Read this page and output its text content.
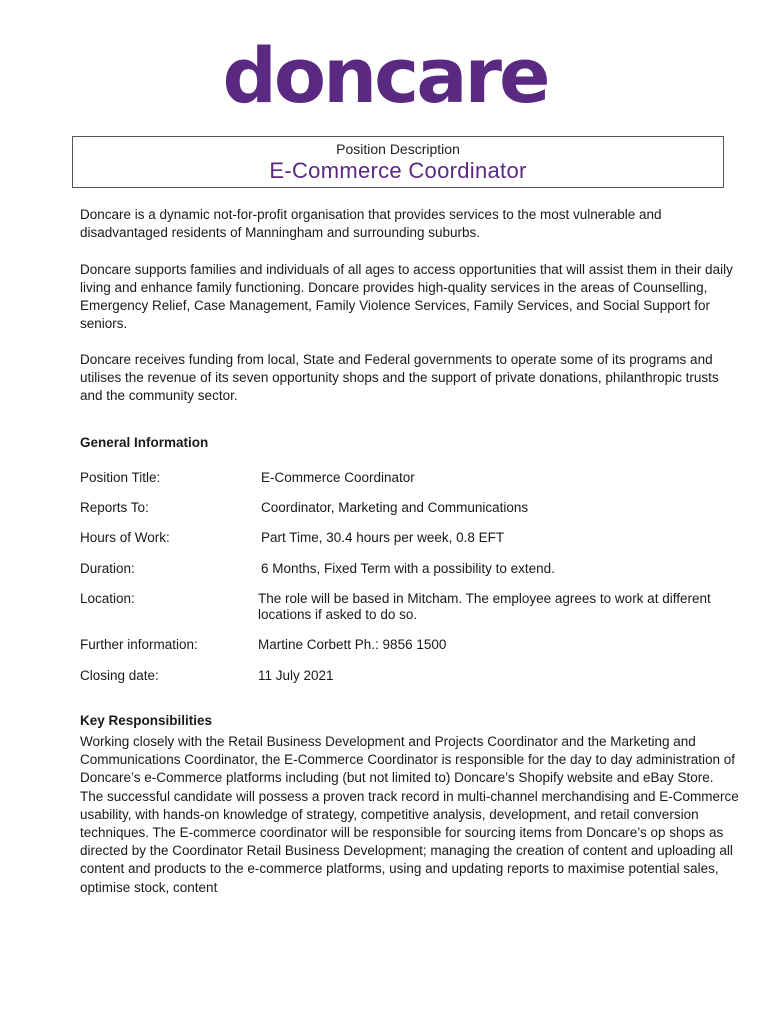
doncare
Position Description
E-Commerce Coordinator

Doncare is a dynamic not-for-profit organisation that provides services to the most vulnerable and disadvantaged residents of Manningham and surrounding suburbs.

Doncare supports families and individuals of all ages to access opportunities that will assist them in their daily living and enhance family functioning. Doncare provides high-quality services in the areas of Counselling, Emergency Relief, Case Management, Family Violence Services, Family Services, and Social Support for seniors.

Doncare receives funding from local, State and Federal governments to operate some of its programs and utilises the revenue of its seven opportunity shops and the support of private donations, philanthropic trusts and the community sector.

General Information
Position Title:	E-Commerce Coordinator
Reports To:	Coordinator, Marketing and Communications
Hours of Work:	Part Time, 30.4 hours per week, 0.8 EFT
Duration:	6 Months, Fixed Term with a possibility to extend.
Location:	The role will be based in Mitcham. The employee agrees to work at different locations if asked to do so.
Further information:	Martine Corbett Ph.: 9856 1500
Closing date:	11 July 2021
Key Responsibilities

Working closely with the Retail Business Development and Projects Coordinator and the Marketing and Communications Coordinator, the E-Commerce Coordinator is responsible for the day to day administration of Doncare’s e-Commerce platforms including (but not limited to) Doncare’s Shopify website and eBay Store. The successful candidate will possess a proven track record in multi-channel merchandising and E-Commerce usability, with hands-on knowledge of strategy, competitive analysis, development, and retail conversion techniques. The E-commerce coordinator will be responsible for sourcing items from Doncare’s op shops as directed by the Coordinator Retail Business Development; managing the creation of content and uploading all content and products to the e-commerce platforms, using and updating reports to maximise potential sales, optimise stock, content
